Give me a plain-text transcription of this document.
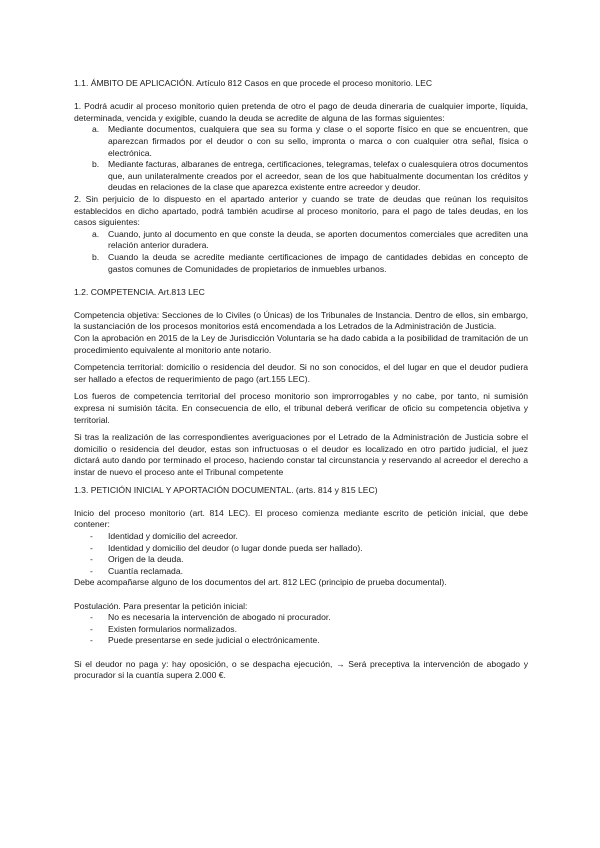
1.1. ÁMBITO DE APLICACIÓN. Artículo 812 Casos en que procede el proceso monitorio. LEC

1. Podrá acudir al proceso monitorio quien pretenda de otro el pago de deuda dineraria de cualquier importe, líquida, determinada, vencida y exigible, cuando la deuda se acredite de alguna de las formas siguientes:

a. Mediante documentos, cualquiera que sea su forma y clase o el soporte físico en que se encuentren, que aparezcan firmados por el deudor o con su sello, impronta o marca o con cualquier otra señal, física o electrónica.
b. Mediante facturas, albaranes de entrega, certificaciones, telegramas, telefax o cualesquiera otros documentos que, aun unilateralmente creados por el acreedor, sean de los que habitualmente documentan los créditos y deudas en relaciones de la clase que aparezca existente entre acreedor y deudor.

2. Sin perjuicio de lo dispuesto en el apartado anterior y cuando se trate de deudas que reúnan los requisitos establecidos en dicho apartado, podrá también acudirse al proceso monitorio, para el pago de tales deudas, en los casos siguientes:

a. Cuando, junto al documento en que conste la deuda, se aporten documentos comerciales que acrediten una relación anterior duradera.
b. Cuando la deuda se acredite mediante certificaciones de impago de cantidades debidas en concepto de gastos comunes de Comunidades de propietarios de inmuebles urbanos.

1.2. COMPETENCIA. Art.813 LEC

Competencia objetiva: Secciones de lo Civiles (o Únicas) de los Tribunales de Instancia. Dentro de ellos, sin embargo, la sustanciación de los procesos monitorios está encomendada a los Letrados de la Administración de Justicia.

Con la aprobación en 2015 de la Ley de Jurisdicción Voluntaria se ha dado cabida a la posibilidad de tramitación de un procedimiento equivalente al monitorio ante notario.

Competencia territorial: domicilio o residencia del deudor. Si no son conocidos, el del lugar en que el deudor pudiera ser hallado a efectos de requerimiento de pago (art.155 LEC).

Los fueros de competencia territorial del proceso monitorio son improrrogables y no cabe, por tanto, ni sumisión expresa ni sumisión tácita. En consecuencia de ello, el tribunal deberá verificar de oficio su competencia objetiva y territorial.

Si tras la realización de las correspondientes averiguaciones por el Letrado de la Administración de Justicia sobre el domicilio o residencia del deudor, estas son infructuosas o el deudor es localizado en otro partido judicial, el juez dictará auto dando por terminado el proceso, haciendo constar tal circunstancia y reservando al acreedor el derecho a instar de nuevo el proceso ante el Tribunal competente

1.3. PETICIÓN INICIAL Y APORTACIÓN DOCUMENTAL. (arts. 814 y 815 LEC)

Inicio del proceso monitorio (art. 814 LEC). El proceso comienza mediante escrito de petición inicial, que debe contener:

- Identidad y domicilio del acreedor.
- Identidad y domicilio del deudor (o lugar donde pueda ser hallado).
- Origen de la deuda.
- Cuantía reclamada.

Debe acompañarse alguno de los documentos del art. 812 LEC (principio de prueba documental).

Postulación. Para presentar la petición inicial:

- No es necesaria la intervención de abogado ni procurador.
- Existen formularios normalizados.
- Puede presentarse en sede judicial o electrónicamente.

Si el deudor no paga y: hay oposición, o se despacha ejecución, → Será preceptiva la intervención de abogado y procurador si la cuantía supera 2.000 €.
